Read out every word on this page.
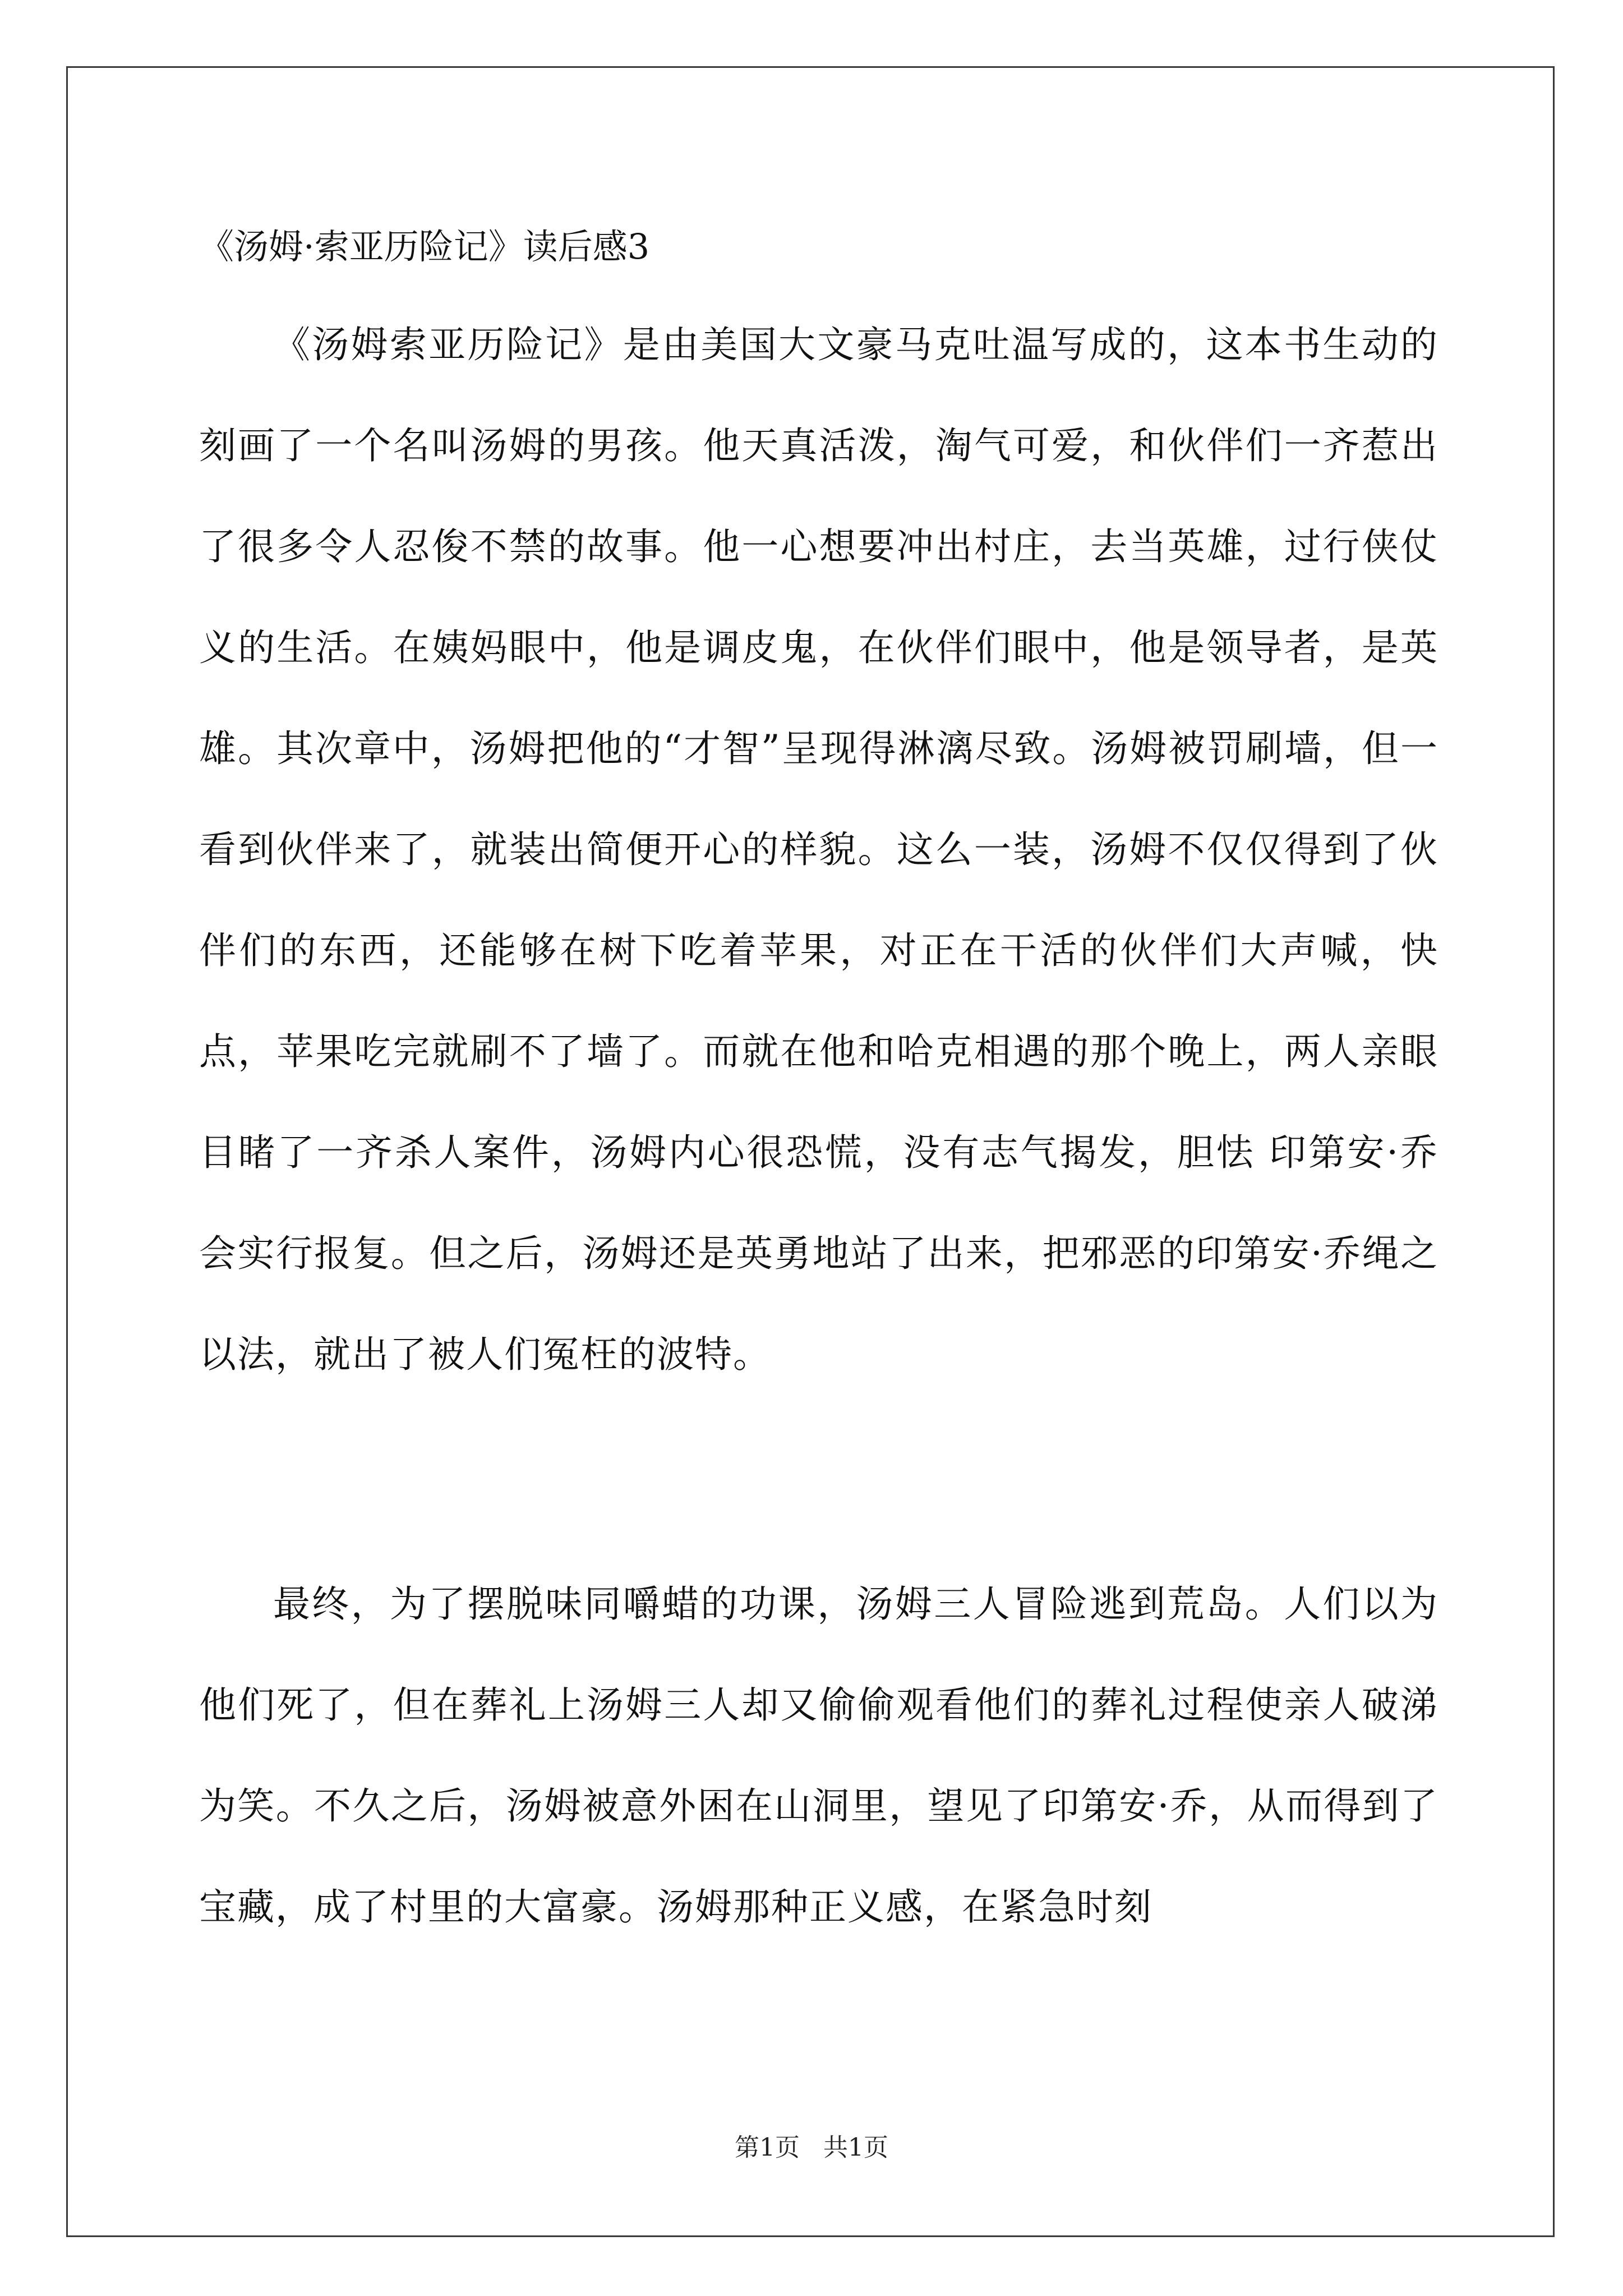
《汤姆·索亚历险记》读后感3

《汤姆索亚历险记》是由美国大文豪马克吐温写成的，这本书生动的刻画了一个名叫汤姆的男孩。他天真活泼，淘气可爱，和伙伴们一齐惹出了很多令人忍俊不禁的故事。他一心想要冲出村庄，去当英雄，过行侠仗义的生活。在姨妈眼中，他是调皮鬼，在伙伴们眼中，他是领导者，是英雄。其次章中，汤姆把他的“才智”呈现得淋漓尽致。汤姆被罚刷墙，但一看到伙伴来了，就装出简便开心的样貌。这么一装，汤姆不仅仅得到了伙伴们的东西，还能够在树下吃着苹果，对正在干活的伙伴们大声喊，快点，苹果吃完就刷不了墙了。而就在他和哈克相遇的那个晚上，两人亲眼目睹了一齐杀人案件，汤姆内心很恐慌，没有志气揭发，胆怯 印第安·乔会实行报复。但之后，汤姆还是英勇地站了出来，把邪恶的印第安·乔绳之以法，就出了被人们冤枉的波特。

最终，为了摆脱味同嚼蜡的功课，汤姆三人冒险逃到荒岛。人们以为他们死了，但在葬礼上汤姆三人却又偷偷观看他们的葬礼过程使亲人破涕为笑。不久之后，汤姆被意外困在山洞里，望见了印第安·乔，从而得到了宝藏，成了村里的大富豪。汤姆那种正义感，在紧急时刻

第1页   共1页
